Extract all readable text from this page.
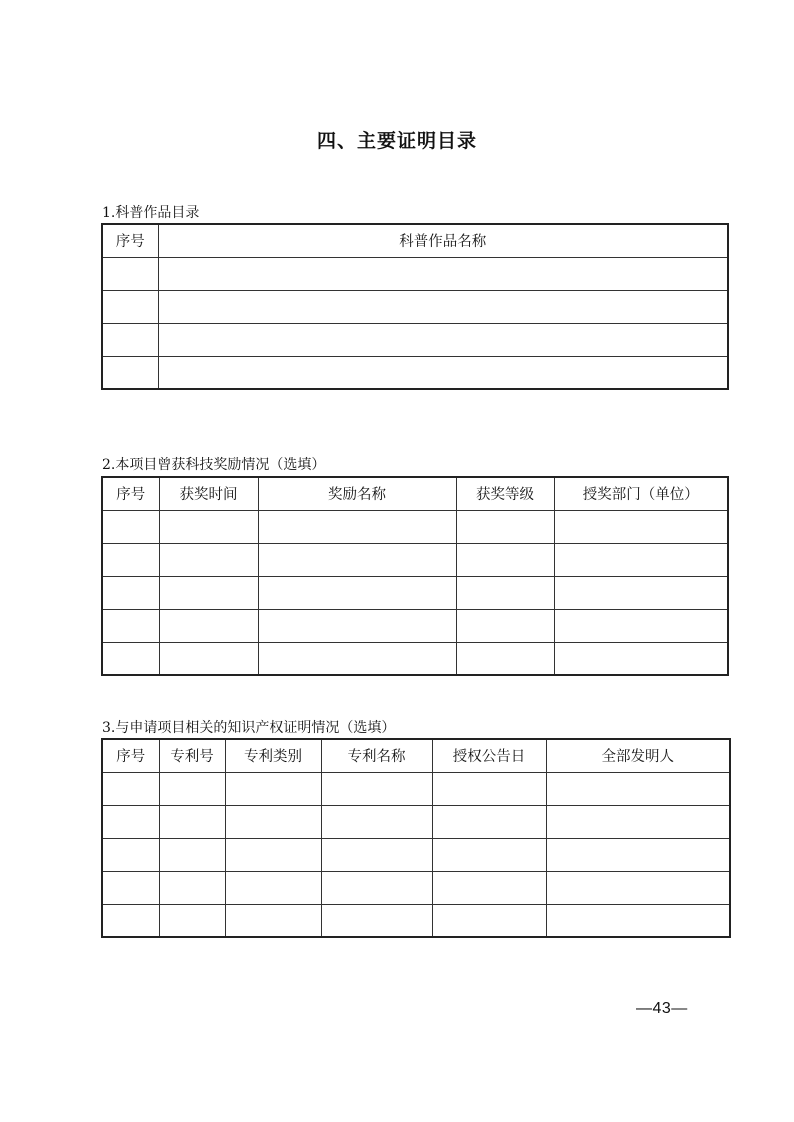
四、主要证明目录
1.科普作品目录
序号	科普作品名称

2.本项目曾获科技奖励情况（选填）
序号	获奖时间	奖励名称	获奖等级	授奖部门（单位）

3.与申请项目相关的知识产权证明情况（选填）
序号	专利号	专利类别	专利名称	授权公告日	全部发明人

—43—
